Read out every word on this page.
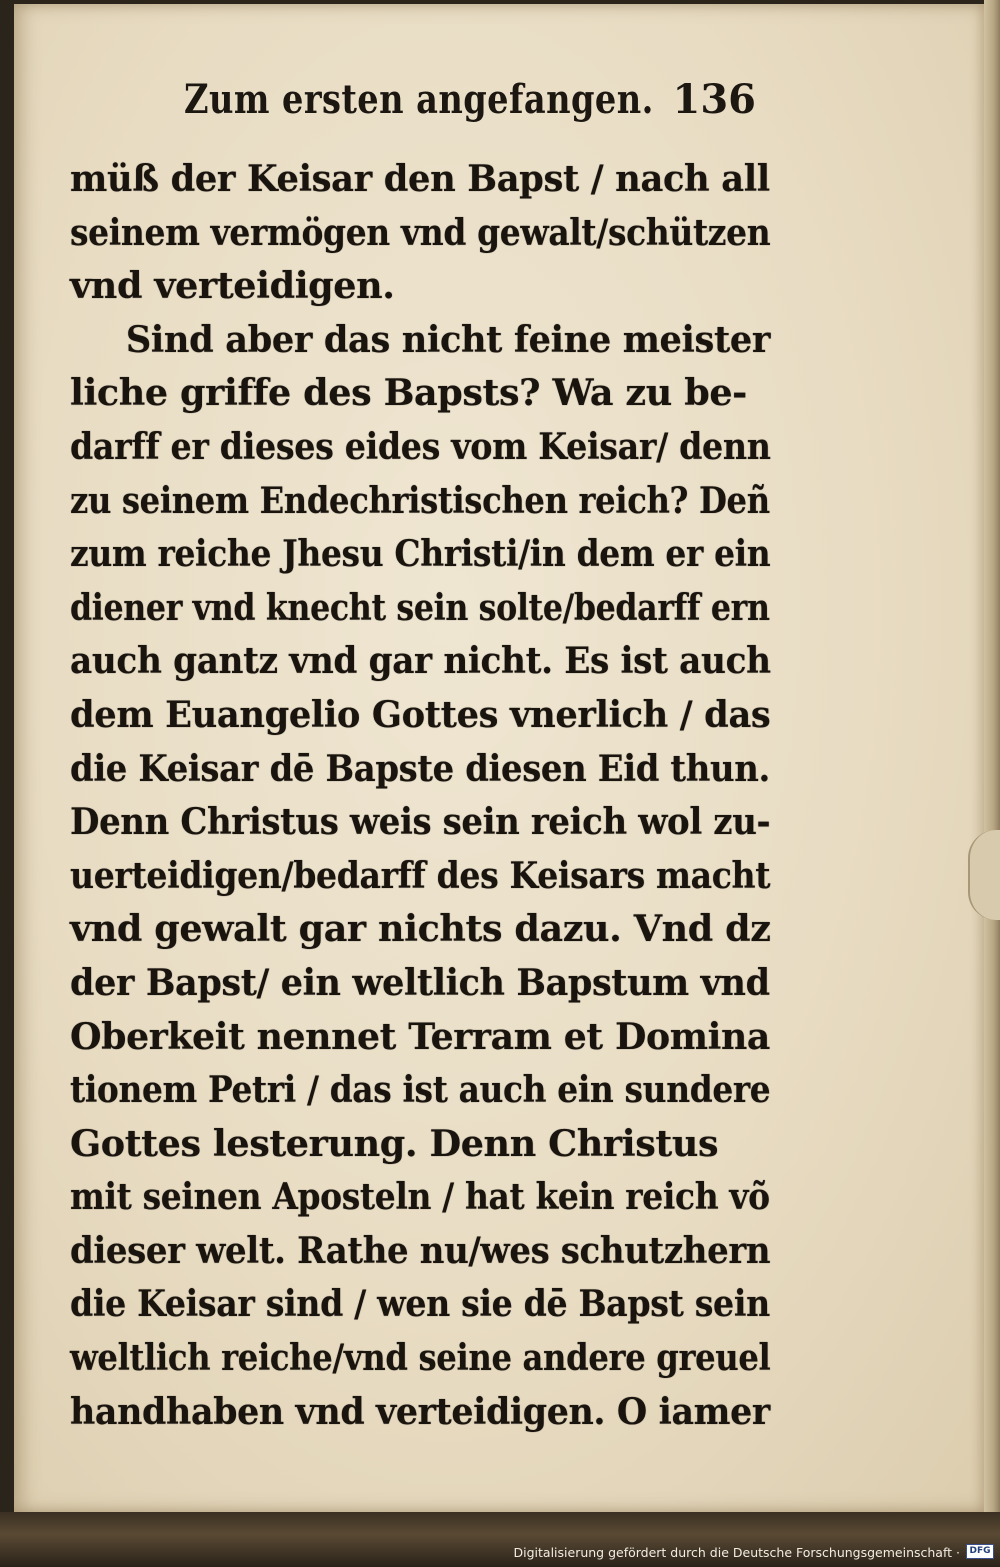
Zum ersten angefangen. 136
müß der Keisar den Bapst / nach all
seinem vermögen vnd gewalt/schützen
vnd verteidigen.
Sind aber das nicht feine meister
liche griffe des Bapsts? Wa zu be-
darff er dieses eides vom Keisar/ denn
zu seinem Endechristischen reich? Deñ
zum reiche Jhesu Christi/in dem er ein
diener vnd knecht sein solte/bedarff ern
auch gantz vnd gar nicht. Es ist auch
dem Euangelio Gottes vnerlich / das
die Keisar dē Bapste diesen Eid thun.
Denn Christus weis sein reich wol zu-
uerteidigen/bedarff des Keisars macht
vnd gewalt gar nichts dazu. Vnd dz
der Bapst/ ein weltlich Bapstum vnd
Oberkeit nennet Terram et Domina
tionem Petri / das ist auch ein sundere
Gottes lesterung. Denn Christus
mit seinen Aposteln / hat kein reich võ
dieser welt. Rathe nu/wes schutzhern
die Keisar sind / wen sie dē Bapst sein
weltlich reiche/vnd seine andere greuel
handhaben vnd verteidigen. O iamer
Digitalisierung gefördert durch die Deutsche Forschungsgemeinschaft ·	DFG
